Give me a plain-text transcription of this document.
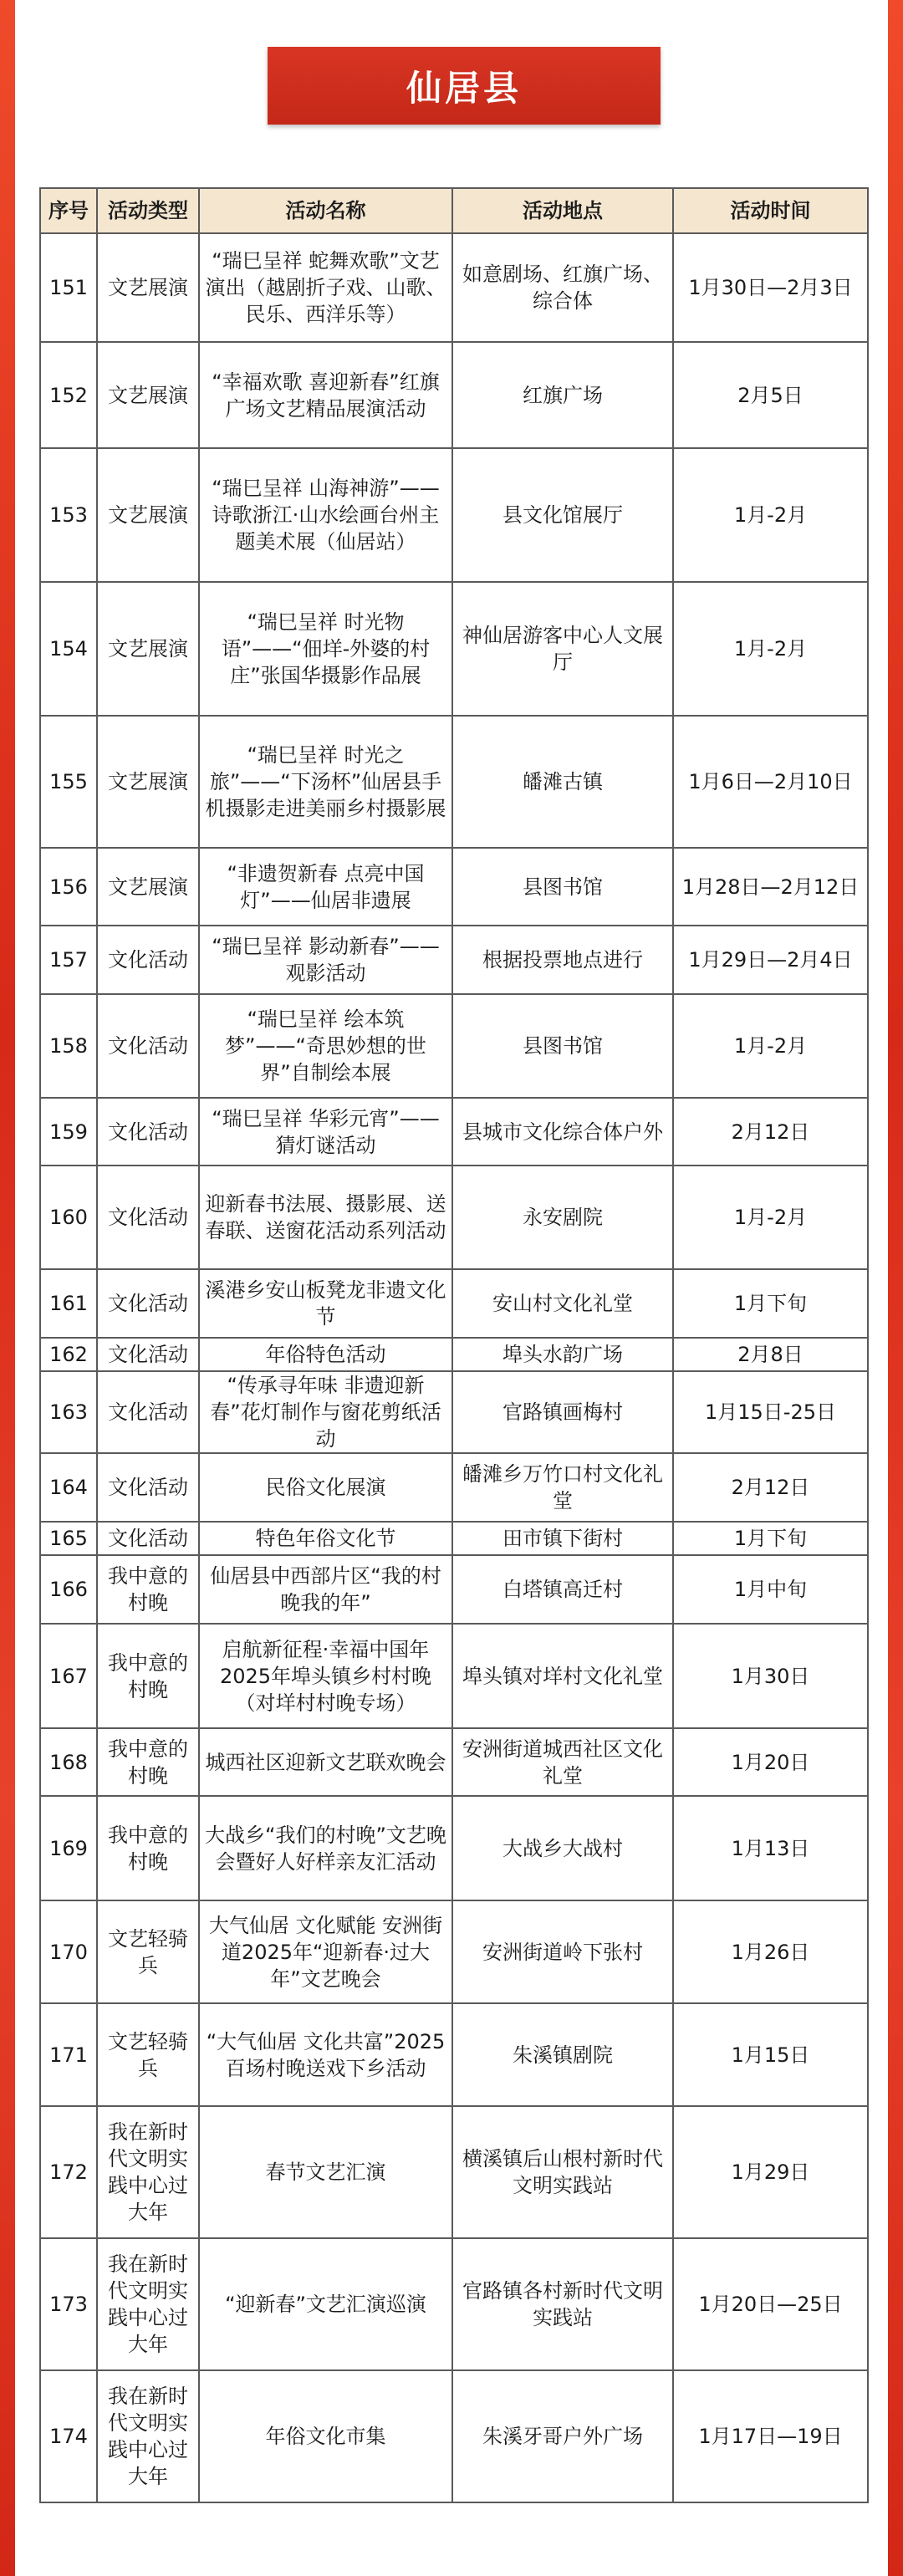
仙居县
序号	活动类型	活动名称	活动地点	活动时间
151	文艺展演	“瑞巳呈祥 蛇舞欢歌”文艺演出（越剧折子戏、山歌、民乐、西洋乐等）	如意剧场、红旗广场、综合体	1月30日—2月3日
152	文艺展演	“幸福欢歌 喜迎新春”红旗广场文艺精品展演活动	红旗广场	2月5日
153	文艺展演	“瑞巳呈祥 山海神游”——诗歌浙江·山水绘画台州主题美术展（仙居站）	县文化馆展厅	1月-2月
154	文艺展演	“瑞巳呈祥 时光物语”——“佃垟-外婆的村庄”张国华摄影作品展	神仙居游客中心人文展厅	1月-2月
155	文艺展演	“瑞巳呈祥 时光之旅”——“下汤杯”仙居县手机摄影走进美丽乡村摄影展	皤滩古镇	1月6日—2月10日
156	文艺展演	“非遗贺新春 点亮中国灯”——仙居非遗展	县图书馆	1月28日—2月12日
157	文化活动	“瑞巳呈祥 影动新春”——观影活动	根据投票地点进行	1月29日—2月4日
158	文化活动	“瑞巳呈祥 绘本筑梦”——“奇思妙想的世界”自制绘本展	县图书馆	1月-2月
159	文化活动	“瑞巳呈祥 华彩元宵”——猜灯谜活动	县城市文化综合体户外	2月12日
160	文化活动	迎新春书法展、摄影展、送春联、送窗花活动系列活动	永安剧院	1月-2月
161	文化活动	溪港乡安山板凳龙非遗文化节	安山村文化礼堂	1月下旬
162	文化活动	年俗特色活动	埠头水韵广场	2月8日
163	文化活动	“传承寻年味 非遗迎新春”花灯制作与窗花剪纸活动	官路镇画梅村	1月15日-25日
164	文化活动	民俗文化展演	皤滩乡万竹口村文化礼堂	2月12日
165	文化活动	特色年俗文化节	田市镇下街村	1月下旬
166	我中意的村晚	仙居县中西部片区“我的村晚我的年”	白塔镇高迁村	1月中旬
167	我中意的村晚	启航新征程·幸福中国年2025年埠头镇乡村村晚（对垟村村晚专场）	埠头镇对垟村文化礼堂	1月30日
168	我中意的村晚	城西社区迎新文艺联欢晚会	安洲街道城西社区文化礼堂	1月20日
169	我中意的村晚	大战乡“我们的村晚”文艺晚会暨好人好样亲友汇活动	大战乡大战村	1月13日
170	文艺轻骑兵	大气仙居 文化赋能 安洲街道2025年“迎新春·过大年”文艺晚会	安洲街道岭下张村	1月26日
171	文艺轻骑兵	“大气仙居 文化共富”2025百场村晚送戏下乡活动	朱溪镇剧院	1月15日
172	我在新时代文明实践中心过大年	春节文艺汇演	横溪镇后山根村新时代文明实践站	1月29日
173	我在新时代文明实践中心过大年	“迎新春”文艺汇演巡演	官路镇各村新时代文明实践站	1月20日—25日
174	我在新时代文明实践中心过大年	年俗文化市集	朱溪牙哥户外广场	1月17日—19日
